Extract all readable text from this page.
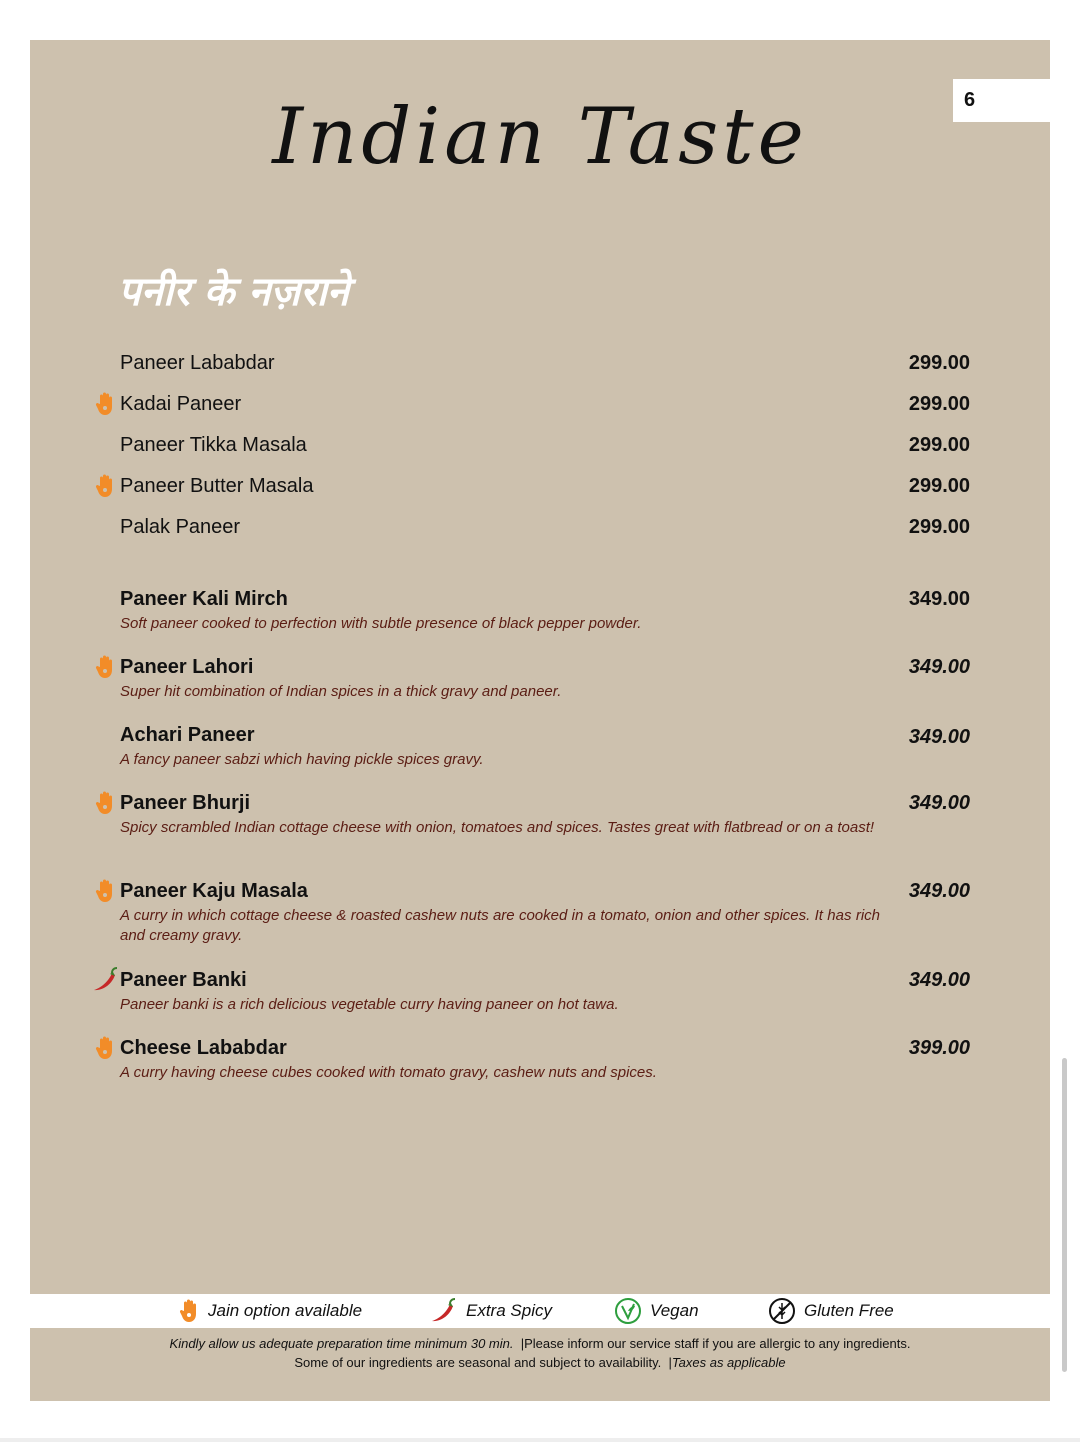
6
Indian Taste
पनीर के नज़राने
Paneer Lababdar	299.00
Kadai Paneer	299.00
Paneer Tikka Masala	299.00
Paneer Butter Masala	299.00
Palak Paneer	299.00
Paneer Kali Mirch	349.00
Soft paneer cooked to perfection with subtle presence of black pepper powder.
Paneer Lahori	349.00
Super hit combination of Indian spices in a thick gravy and paneer.
Achari Paneer	349.00
A fancy paneer sabzi which having pickle spices gravy.
Paneer Bhurji	349.00
Spicy scrambled Indian cottage cheese with onion, tomatoes and spices. Tastes great with flatbread or on a toast!
Paneer Kaju Masala	349.00
A curry in which cottage cheese & roasted cashew nuts are cooked in a tomato, onion and other spices. It has rich and creamy gravy.
Paneer Banki	349.00
Paneer banki is a rich delicious vegetable curry having paneer on hot tawa.
Cheese Lababdar	399.00
A curry having cheese cubes cooked with tomato gravy, cashew nuts and spices.
Jain option available	Extra Spicy	Vegan	Gluten Free
Kindly allow us adequate preparation time minimum 30 min.  |Please inform our service staff if you are allergic to any ingredients.
Some of our ingredients are seasonal and subject to availability.  |Taxes as applicable
